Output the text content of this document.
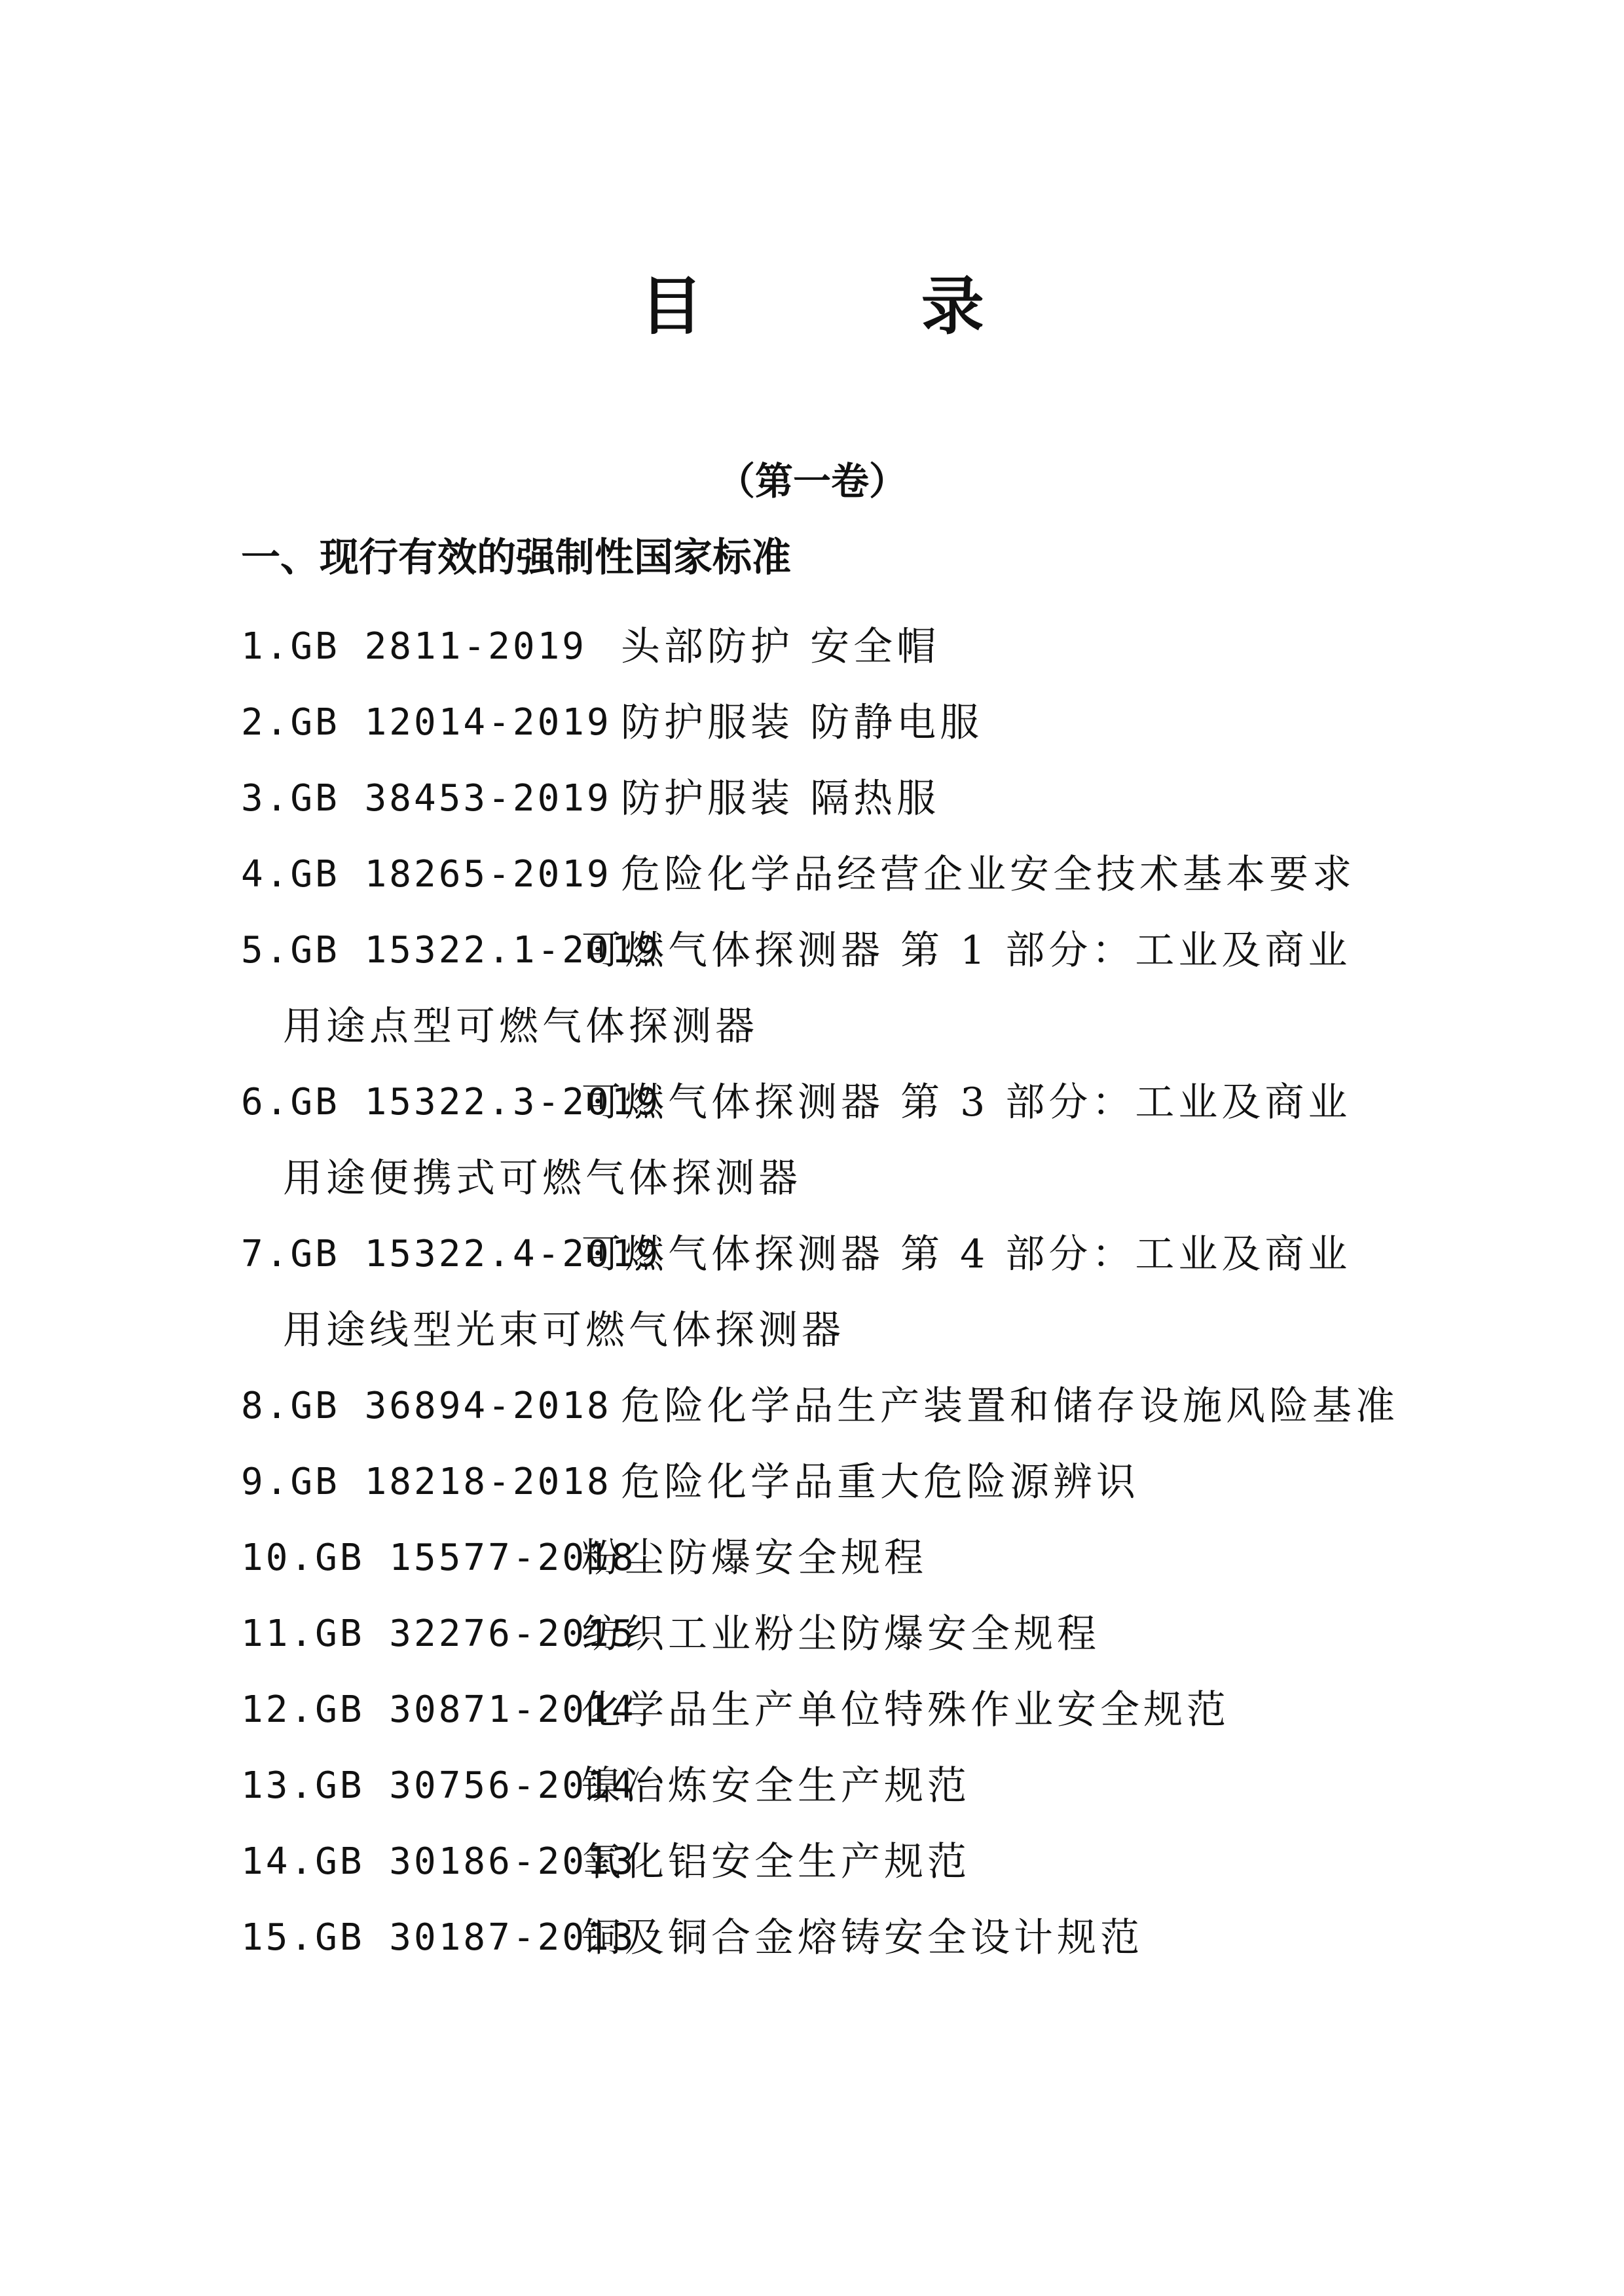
目 录
（第一卷）
一、现行有效的强制性国家标准
1.GB 2811-2019 头部防护 安全帽
2.GB 12014-2019 防护服装 防静电服
3.GB 38453-2019 防护服装 隔热服
4.GB 18265-2019 危险化学品经营企业安全技术基本要求
5.GB 15322.1-2019可燃气体探测器 第 1 部分：工业及商业
用途点型可燃气体探测器
6.GB 15322.3-2019可燃气体探测器 第 3 部分：工业及商业
用途便携式可燃气体探测器
7.GB 15322.4-2019可燃气体探测器 第 4 部分：工业及商业
用途线型光束可燃气体探测器
8.GB 36894-2018 危险化学品生产装置和储存设施风险基准
9.GB 18218-2018 危险化学品重大危险源辨识
10.GB 15577-2018粉尘防爆安全规程
11.GB 32276-2015纺织工业粉尘防爆安全规程
12.GB 30871-2014化学品生产单位特殊作业安全规范
13.GB 30756-2014镍冶炼安全生产规范
14.GB 30186-2013氧化铝安全生产规范
15.GB 30187-2013铜及铜合金熔铸安全设计规范
